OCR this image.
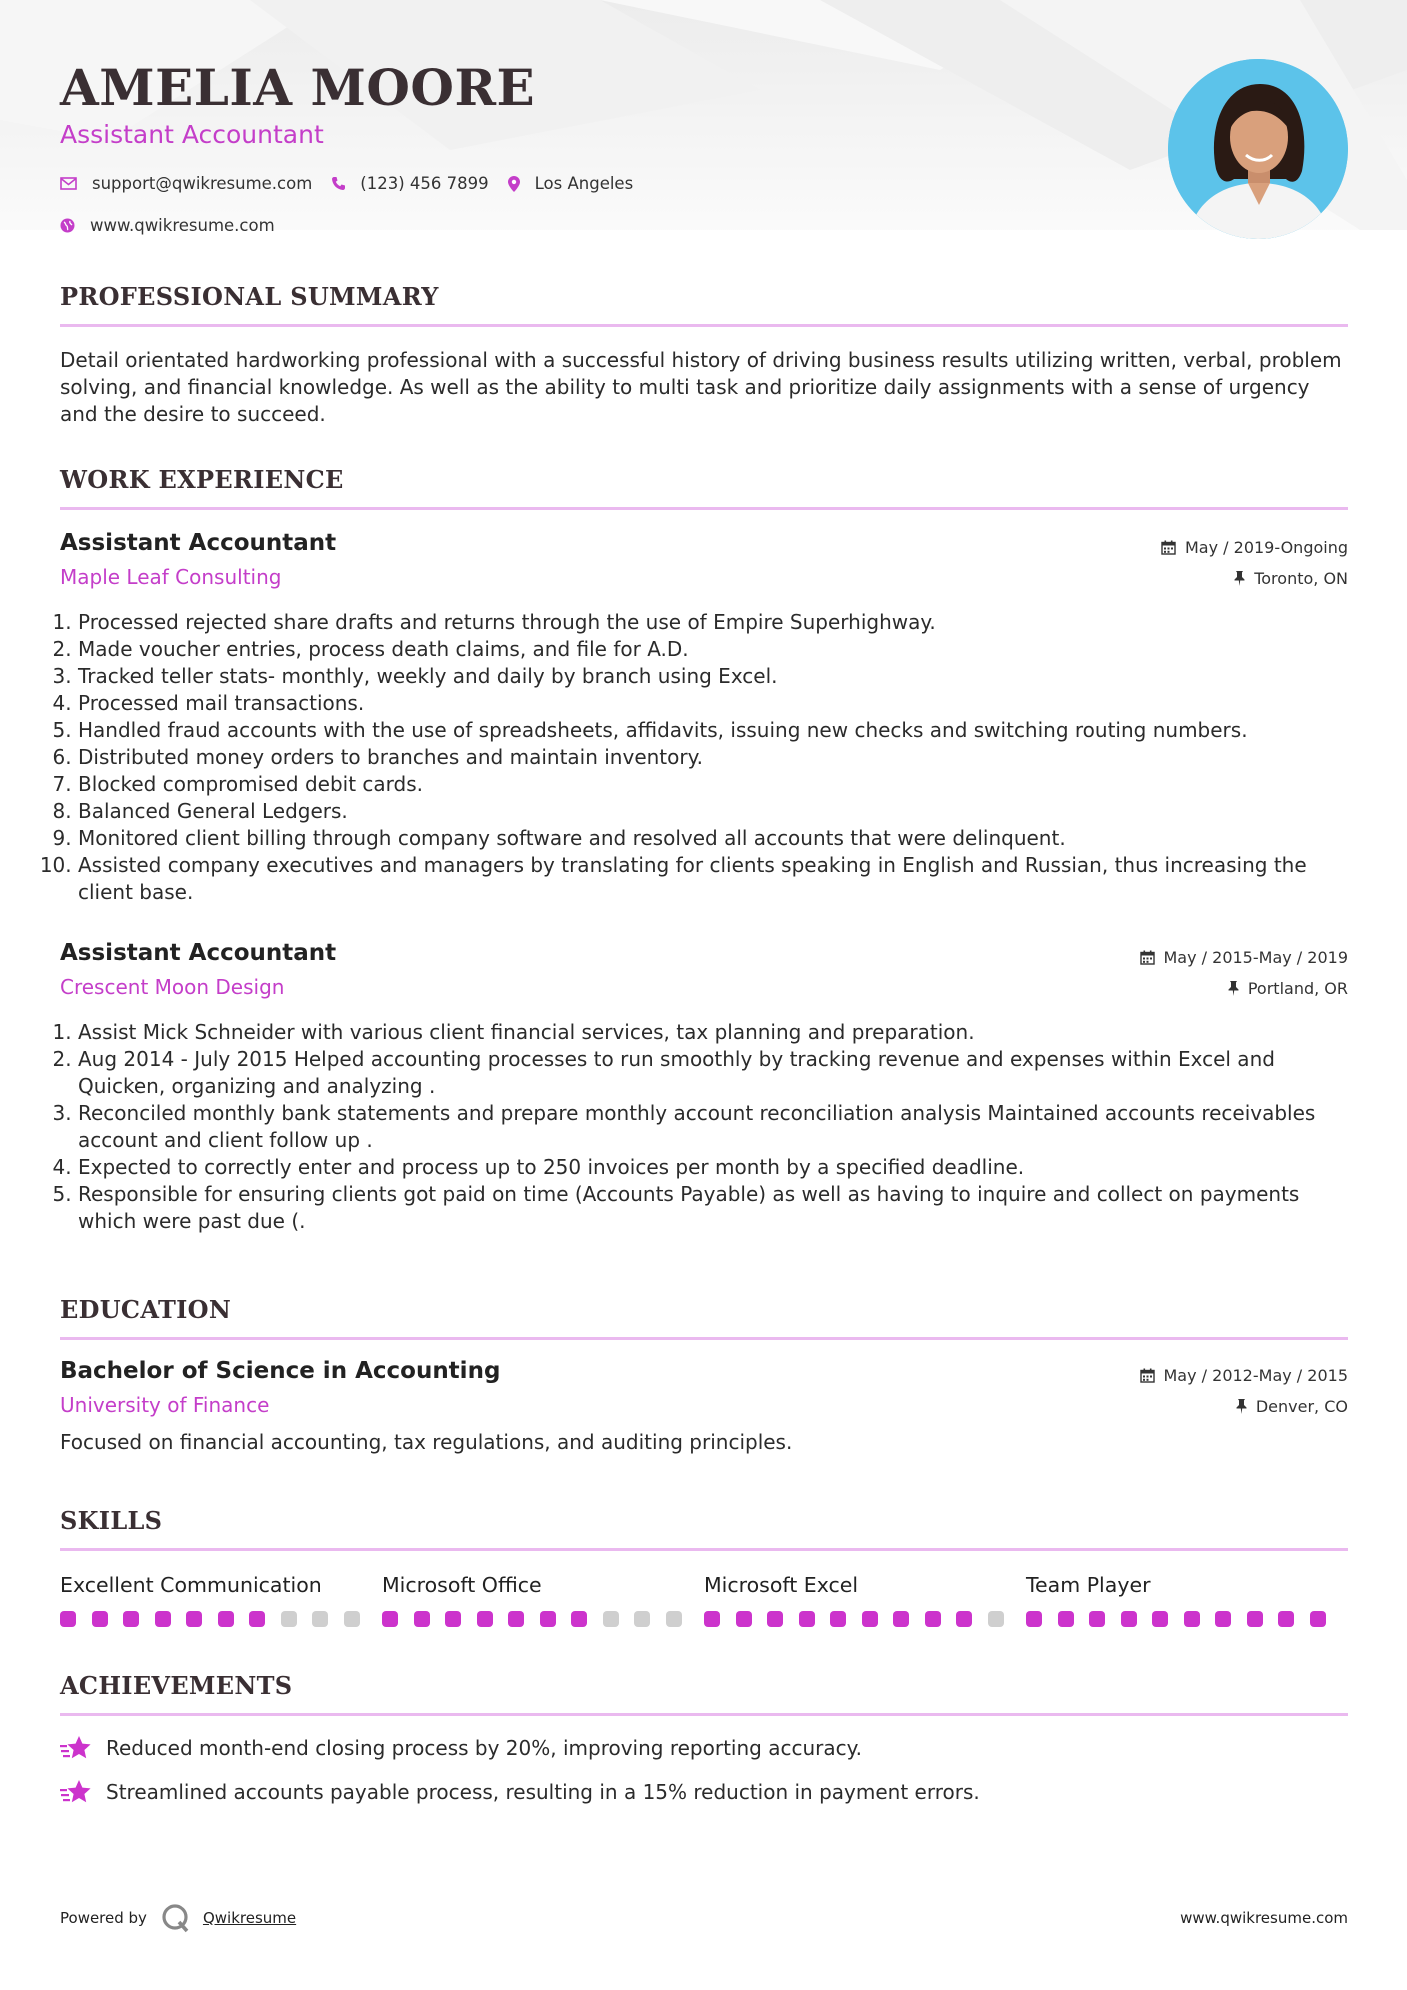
AMELIA MOORE
Assistant Accountant
support@qwikresume.com	(123) 456 7899	Los Angeles
www.qwikresume.com
PROFESSIONAL SUMMARY

Detail orientated hardworking professional with a successful history of driving business results utilizing written, verbal, problem solving, and financial knowledge. As well as the ability to multi task and prioritize daily assignments with a sense of urgency and the desire to succeed.

WORK EXPERIENCE
Assistant Accountant
Maple Leaf Consulting
May / 2019-Ongoing
Toronto, ON
1. Processed rejected share drafts and returns through the use of Empire Superhighway.
2. Made voucher entries, process death claims, and file for A.D.
3. Tracked teller stats- monthly, weekly and daily by branch using Excel.
4. Processed mail transactions.
5. Handled fraud accounts with the use of spreadsheets, affidavits, issuing new checks and switching routing numbers.
6. Distributed money orders to branches and maintain inventory.
7. Blocked compromised debit cards.
8. Balanced General Ledgers.
9. Monitored client billing through company software and resolved all accounts that were delinquent.
10. Assisted company executives and managers by translating for clients speaking in English and Russian, thus increasing the client base.
Assistant Accountant
Crescent Moon Design
May / 2015-May / 2019
Portland, OR
1. Assist Mick Schneider with various client financial services, tax planning and preparation.
2. Aug 2014 - July 2015 Helped accounting processes to run smoothly by tracking revenue and expenses within Excel and Quicken, organizing and analyzing .
3. Reconciled monthly bank statements and prepare monthly account reconciliation analysis Maintained accounts receivables account and client follow up .
4. Expected to correctly enter and process up to 250 invoices per month by a specified deadline.
5. Responsible for ensuring clients got paid on time (Accounts Payable) as well as having to inquire and collect on payments which were past due (.
EDUCATION
Bachelor of Science in Accounting
University of Finance
May / 2012-May / 2015
Denver, CO

Focused on financial accounting, tax regulations, and auditing principles.

SKILLS
Excellent Communication	Microsoft Office	Microsoft Excel	Team Player
ACHIEVEMENTS
Reduced month-end closing process by 20%, improving reporting accuracy.
Streamlined accounts payable process, resulting in a 15% reduction in payment errors.
Powered by	Qwikresume	www.qwikresume.com
